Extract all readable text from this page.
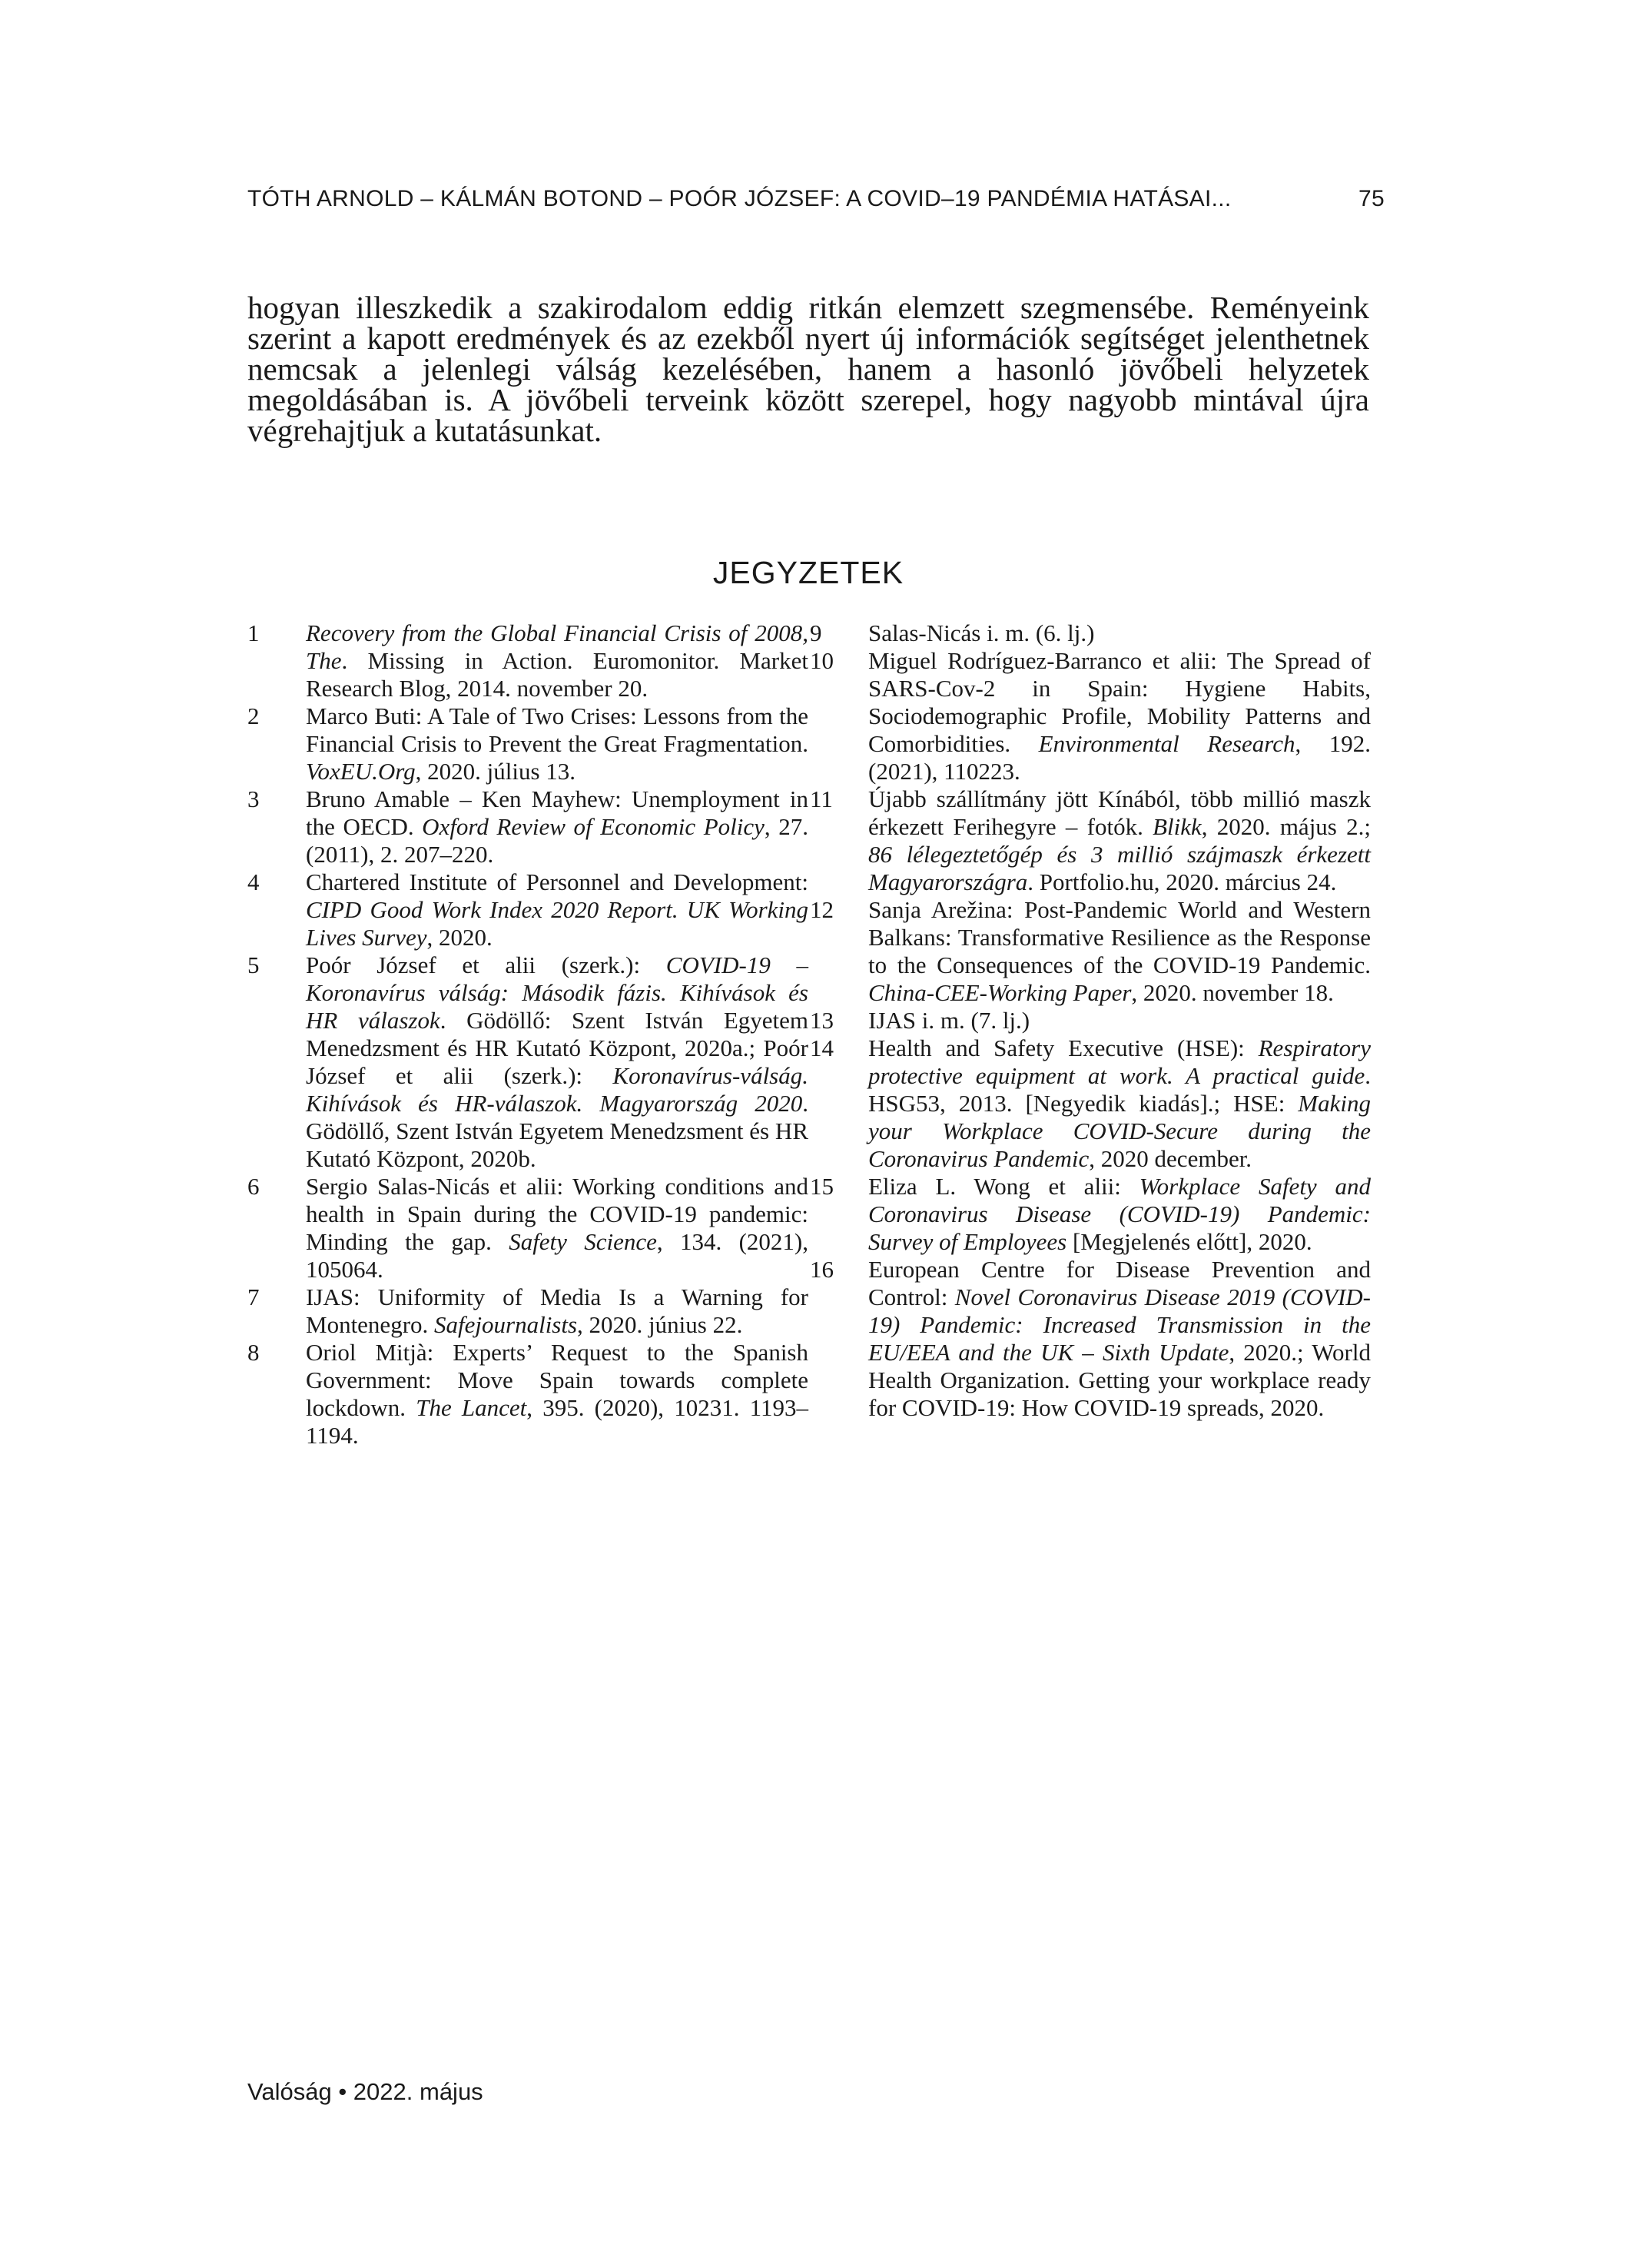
TÓTH ARNOLD – KÁLMÁN BOTOND – POÓR JÓZSEF: A COVID–19 PANDÉMIA HATÁSAI...	75

hogyan illeszkedik a szakirodalom eddig ritkán elemzett szegmensébe. Reményeink szerint a kapott eredmények és az ezekből nyert új információk segítséget jelenthetnek nemcsak a jelenlegi válság kezelésében, hanem a hasonló jövőbeli helyzetek megoldásában is. A jövőbeli terveink között szerepel, hogy nagyobb mintával újra végrehajtjuk a kutatásunkat.

JEGYZETEK
1 Recovery from the Global Financial Crisis of 2008, The. Missing in Action. Euromonitor. Market Research Blog, 2014. november 20.
2 Marco Buti: A Tale of Two Crises: Lessons from the Financial Crisis to Prevent the Great Fragmentation. VoxEU.Org, 2020. július 13.
3 Bruno Amable – Ken Mayhew: Unemployment in the OECD. Oxford Review of Economic Policy, 27. (2011), 2. 207–220.
4 Chartered Institute of Personnel and Development: CIPD Good Work Index 2020 Report. UK Working Lives Survey, 2020.
5 Poór József et alii (szerk.): COVID-19 – Koronavírus válság: Második fázis. Kihívások és HR válaszok. Gödöllő: Szent István Egyetem Menedzsment és HR Kutató Központ, 2020a.; Poór József et alii (szerk.): Koronavírus-válság. Kihívások és HR-válaszok. Magyarország 2020. Gödöllő, Szent István Egyetem Menedzsment és HR Kutató Központ, 2020b.
6 Sergio Salas-Nicás et alii: Working conditions and health in Spain during the COVID-19 pandemic: Minding the gap. Safety Science, 134. (2021), 105064.
7 IJAS: Uniformity of Media Is a Warning for Montenegro. Safejournalists, 2020. június 22.
8 Oriol Mitjà: Experts’ Request to the Spanish Government: Move Spain towards complete lockdown. The Lancet, 395. (2020), 10231. 1193–1194.
9 Salas-Nicás i. m. (6. lj.)
10 Miguel Rodríguez-Barranco et alii: The Spread of SARS-Cov-2 in Spain: Hygiene Habits, Sociodemographic Profile, Mobility Patterns and Comorbidities. Environmental Research, 192. (2021), 110223.
11 Újabb szállítmány jött Kínából, több millió maszk érkezett Ferihegyre – fotók. Blikk, 2020. május 2.; 86 lélegeztetőgép és 3 millió szájmaszk érkezett Magyarországra. Portfolio.hu, 2020. március 24.
12 Sanja Arežina: Post-Pandemic World and Western Balkans: Transformative Resilience as the Response to the Consequences of the COVID-19 Pandemic. China-CEE-Working Paper, 2020. november 18.
13 IJAS i. m. (7. lj.)
14 Health and Safety Executive (HSE): Respiratory protective equipment at work. A practical guide. HSG53, 2013. [Negyedik kiadás].; HSE: Making your Workplace COVID-Secure during the Coronavirus Pandemic, 2020 december.
15 Eliza L. Wong et alii: Workplace Safety and Coronavirus Disease (COVID-19) Pandemic: Survey of Employees [Megjelenés előtt], 2020.
16 European Centre for Disease Prevention and Control: Novel Coronavirus Disease 2019 (COVID-19) Pandemic: Increased Transmission in the EU/EEA and the UK – Sixth Update, 2020.; World Health Organization. Getting your workplace ready for COVID-19: How COVID-19 spreads, 2020.
Valóság • 2022. május
